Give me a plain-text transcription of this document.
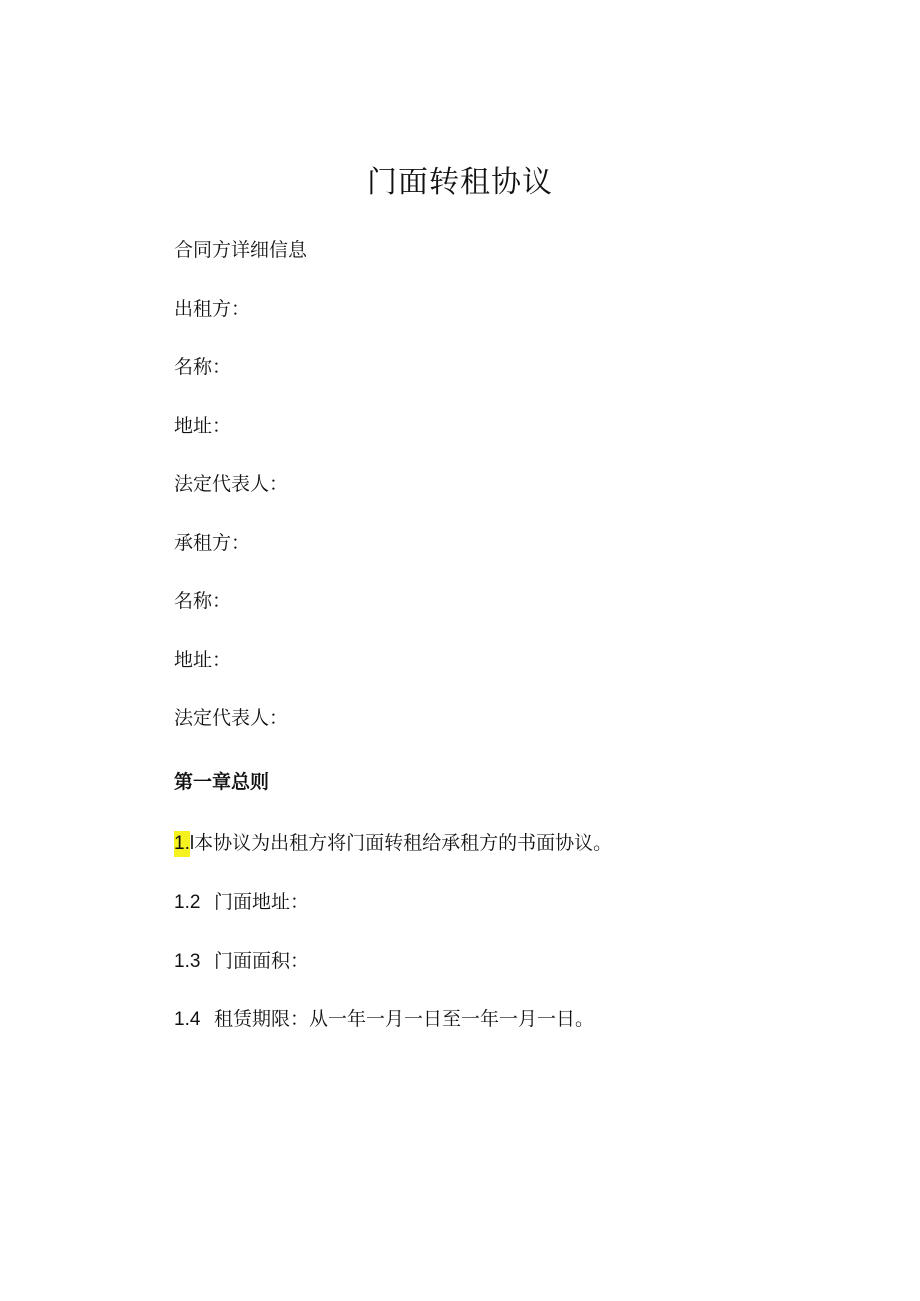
门面转租协议
合同方详细信息
出租方：
名称：
地址：
法定代表人：
承租方：
名称：
地址：
法定代表人：
第一章总则
1.l本协议为出租方将门面转租给承租方的书面协议。
1.2 门面地址：
1.3 门面面积：
1.4 租赁期限：从一年一月一日至一年一月一日。
